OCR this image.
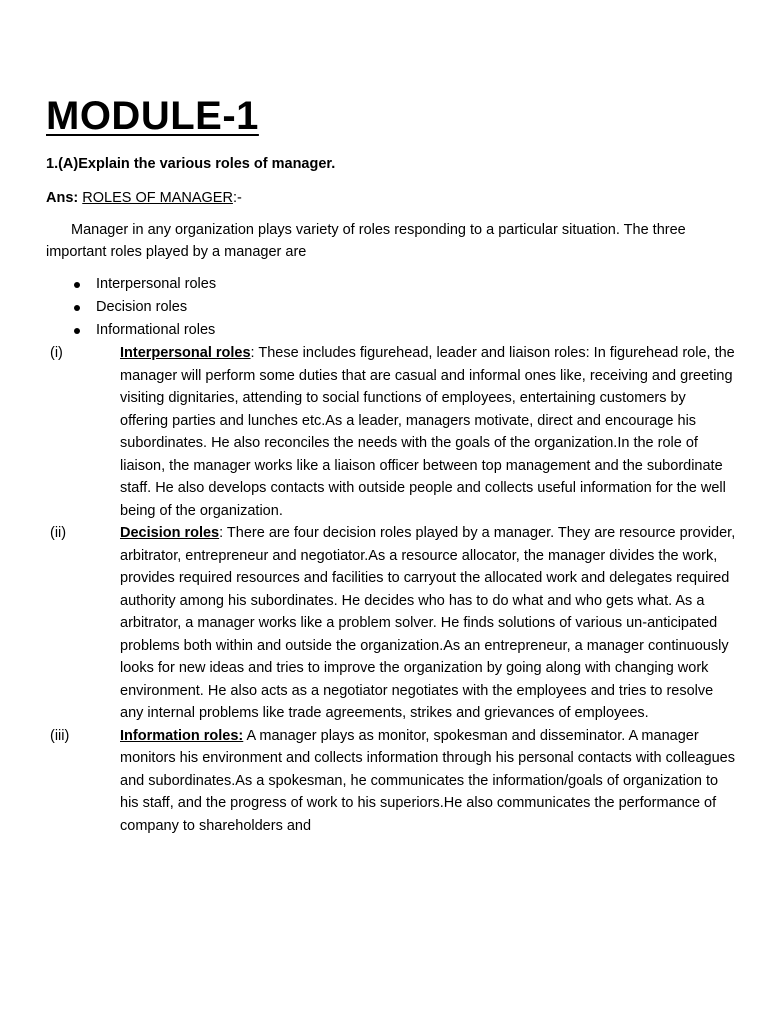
MODULE-1
1.(A)Explain the various roles of manager.
Ans: ROLES OF MANAGER:-
Manager in any organization plays variety of roles responding to a particular situation. The three important roles played by a manager are
Interpersonal roles
Decision roles
Informational roles
(i)	Interpersonal roles: These includes figurehead, leader and liaison roles: In figurehead role, the manager will perform some duties that are casual and informal ones like, receiving and greeting visiting dignitaries, attending to social functions of employees, entertaining customers by offering parties and lunches etc.As a leader, managers motivate, direct and encourage his subordinates. He also reconciles the needs with the goals of the organization.In the role of liaison, the manager works like a liaison officer between top management and the subordinate staff. He also develops contacts with outside people and collects useful information for the well being of the organization.
(ii)	Decision roles: There are four decision roles played by a manager. They are resource provider, arbitrator, entrepreneur and negotiator.As a resource allocator, the manager divides the work, provides required resources and facilities to carryout the allocated work and delegates required authority among his subordinates. He decides who has to do what and who gets what. As a arbitrator, a manager works like a problem solver. He finds solutions of various un-anticipated problems both within and outside the organization.As an entrepreneur, a manager continuously looks for new ideas and tries to improve the organization by going along with changing work environment. He also acts as a negotiator negotiates with the employees and tries to resolve any internal problems like trade agreements, strikes and grievances of employees.
(iii)	Information roles: A manager plays as monitor, spokesman and disseminator. A manager monitors his environment and collects information through his personal contacts with colleagues and subordinates.As a spokesman, he communicates the information/goals of organization to his staff, and the progress of work to his superiors.He also communicates the performance of company to shareholders and
